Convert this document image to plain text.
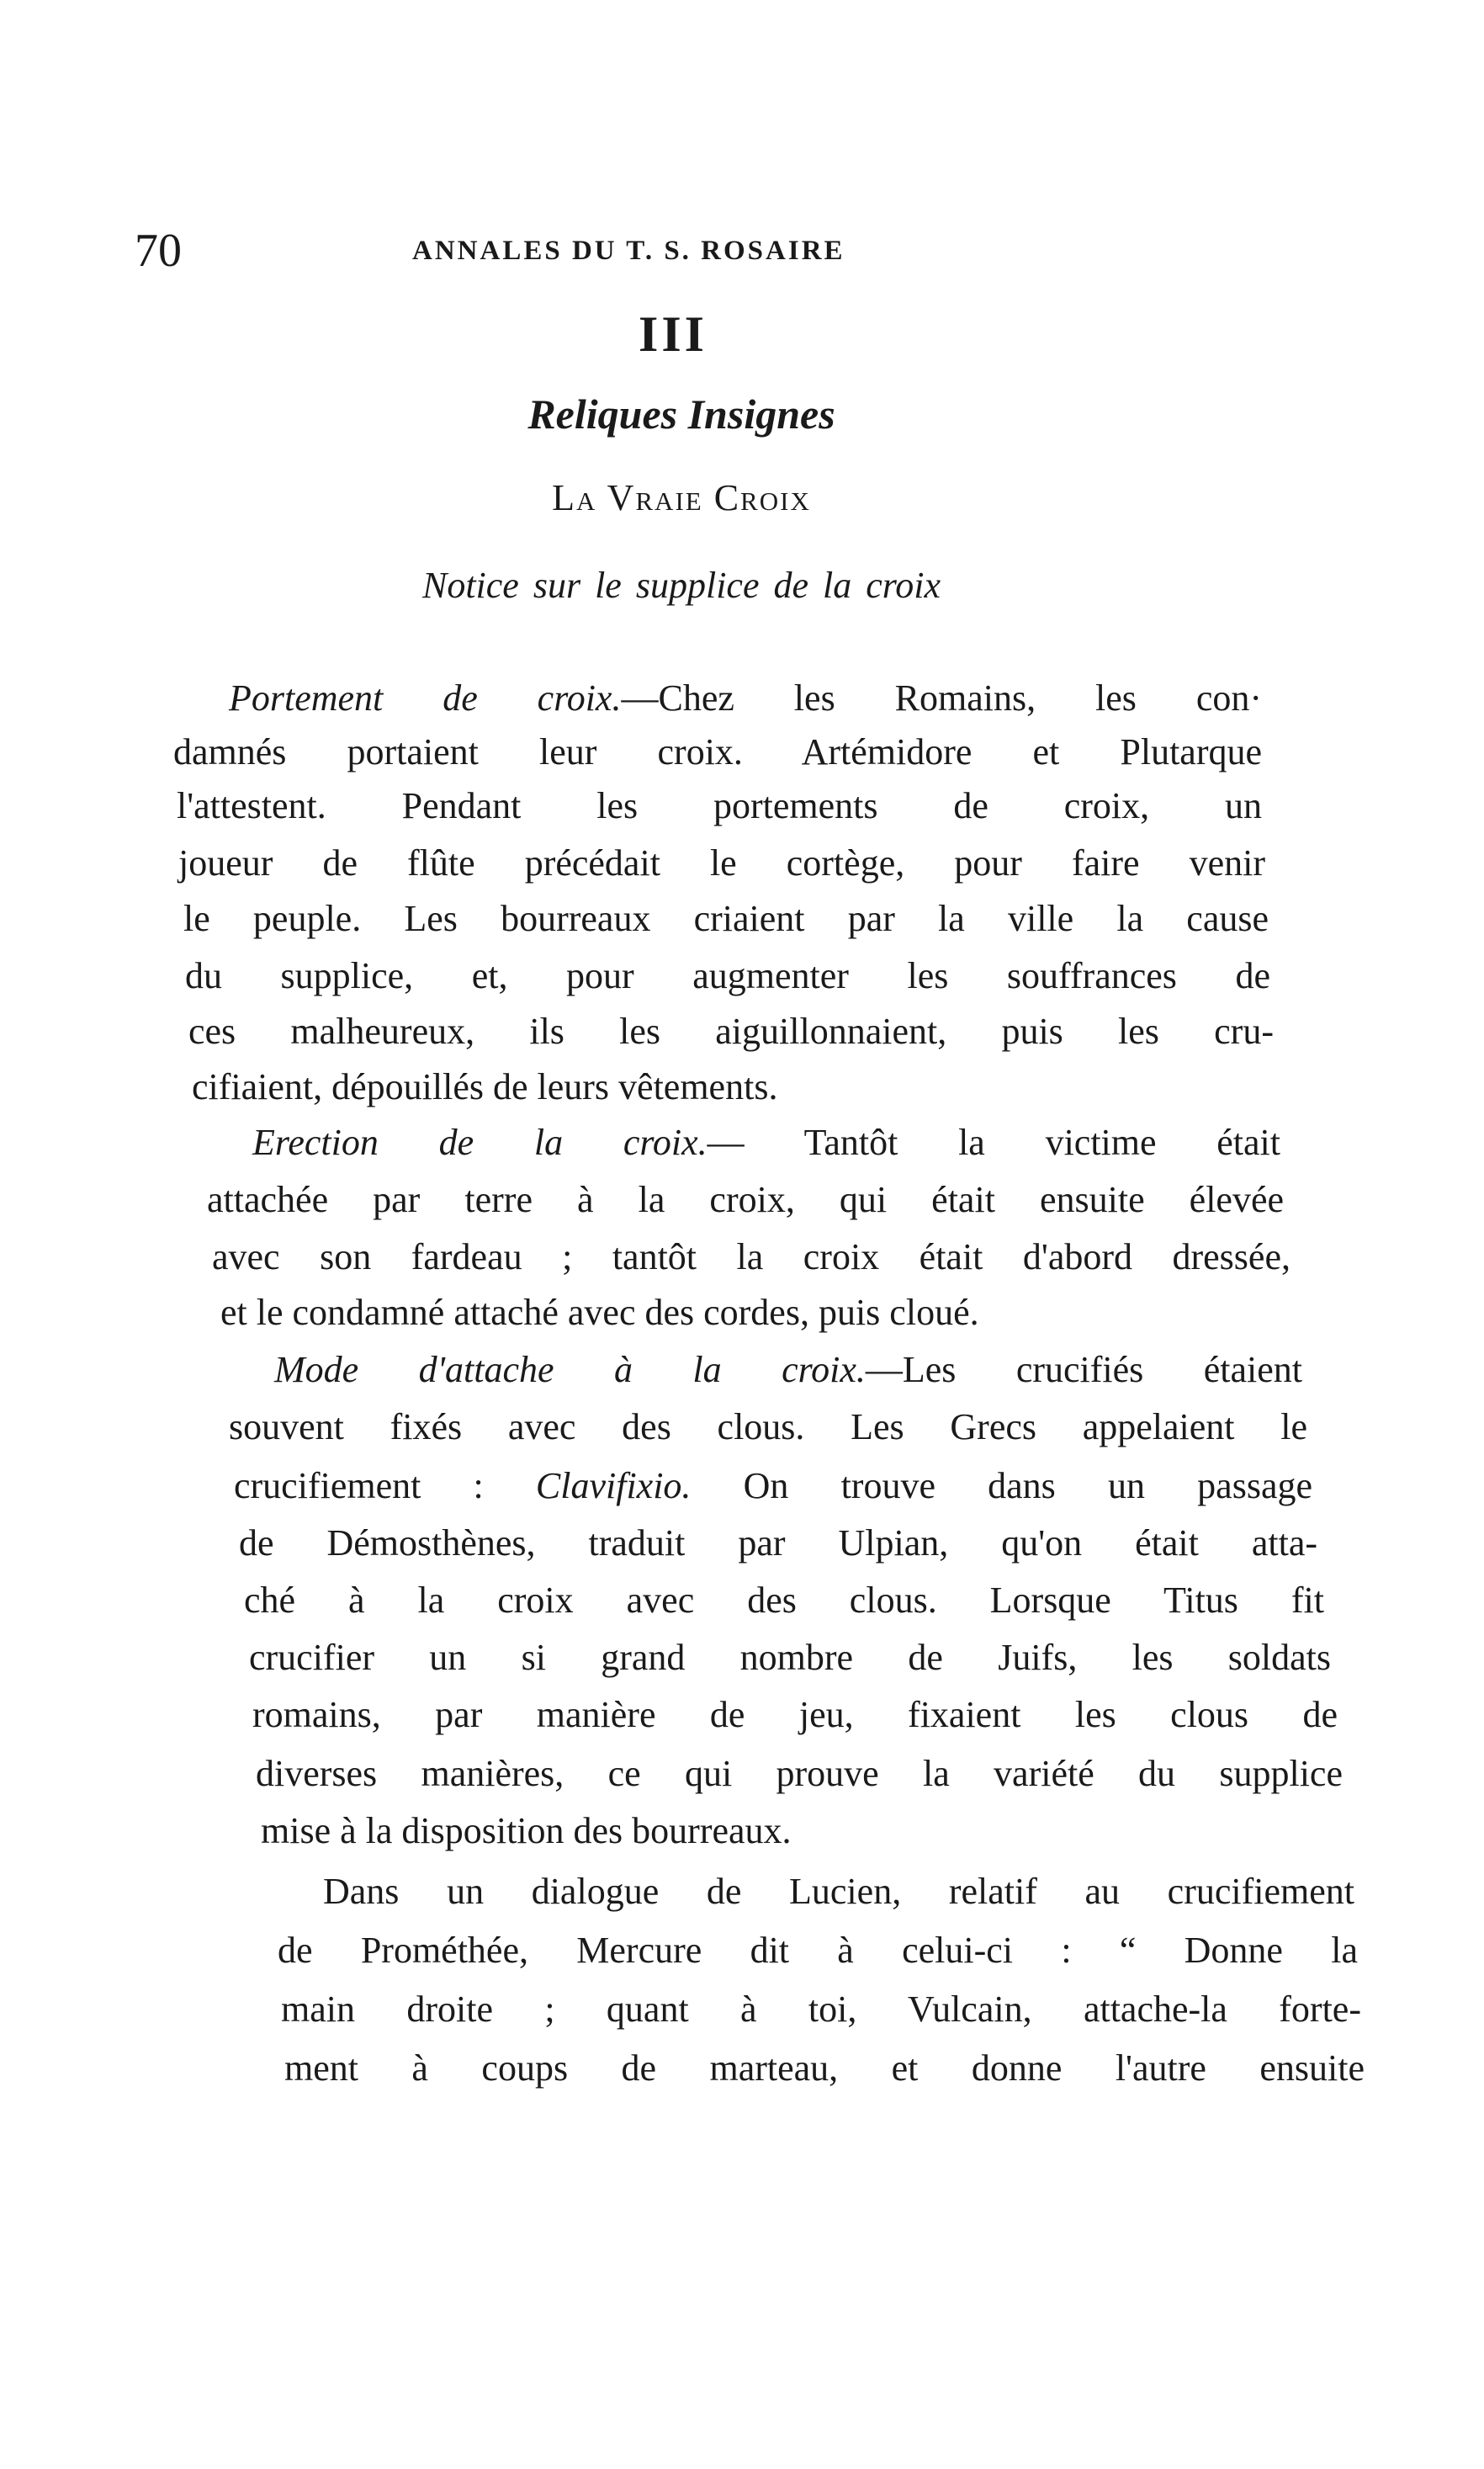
70	ANNALES DU T. S. ROSAIRE
III
Reliques Insignes
La Vraie Croix
Notice sur le supplice de la croix
Portement de croix.—Chez les Romains, les con·
damnés portaient leur croix. Artémidore et Plutarque
l'attestent. Pendant les portements de croix, un
joueur de flûte précédait le cortège, pour faire venir
le peuple. Les bourreaux criaient par la ville la cause
du supplice, et, pour augmenter les souffrances de
ces malheureux, ils les aiguillonnaient, puis les cru-
cifiaient, dépouillés de leurs vêtements.
Erection de la croix.— Tantôt la victime était
attachée par terre à la croix, qui était ensuite élevée
avec son fardeau ; tantôt la croix était d'abord dressée,
et le condamné attaché avec des cordes, puis cloué.
Mode d'attache à la croix.—Les crucifiés étaient
souvent fixés avec des clous. Les Grecs appelaient le
crucifiement : Clavifixio. On trouve dans un passage
de Démosthènes, traduit par Ulpian, qu'on était atta-
ché à la croix avec des clous. Lorsque Titus fit
crucifier un si grand nombre de Juifs, les soldats
romains, par manière de jeu, fixaient les clous de
diverses manières, ce qui prouve la variété du supplice
mise à la disposition des bourreaux.
Dans un dialogue de Lucien, relatif au crucifiement
de Prométhée, Mercure dit à celui-ci : “ Donne la
main droite ; quant à toi, Vulcain, attache-la forte-
ment à coups de marteau, et donne l'autre ensuite
